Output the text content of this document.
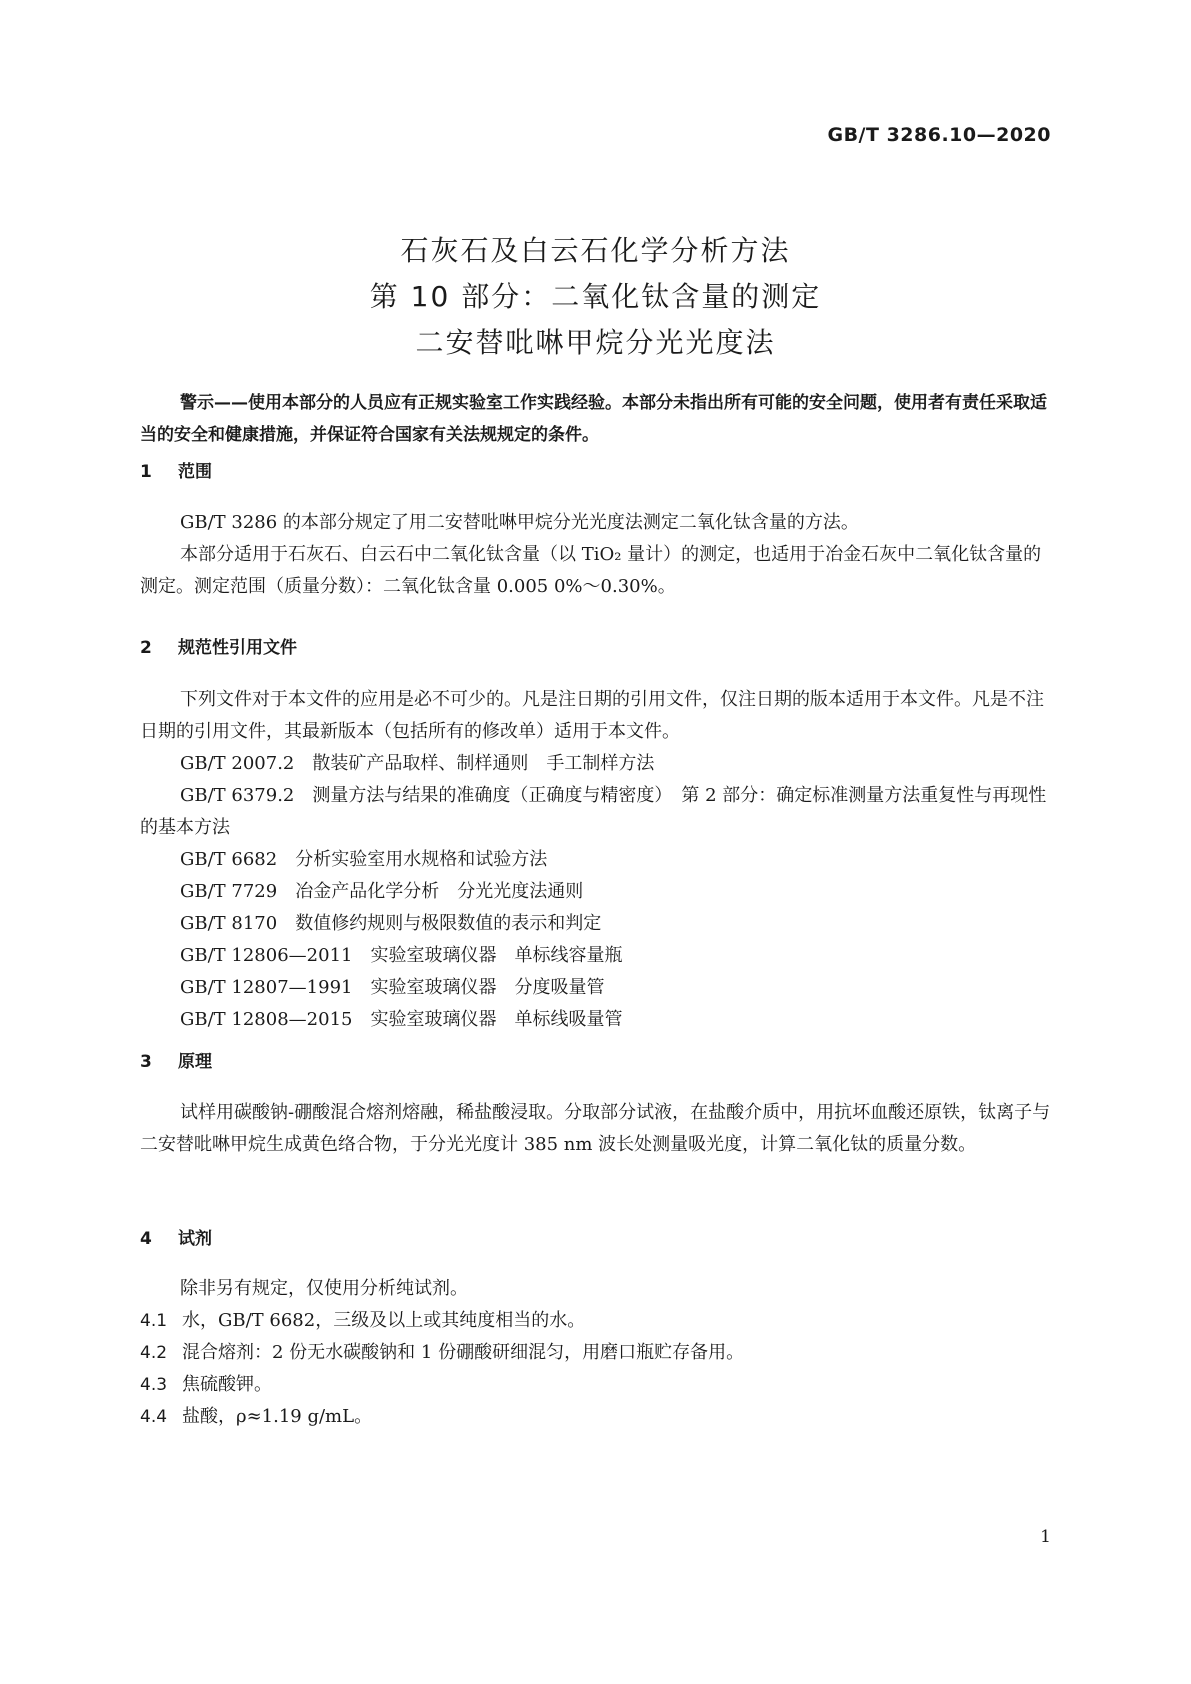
GB/T 3286.10—2020
石灰石及白云石化学分析方法
第 10 部分：二氧化钛含量的测定
二安替吡啉甲烷分光光度法
警示——使用本部分的人员应有正规实验室工作实践经验。本部分未指出所有可能的安全问题，使用者有责任采取适当的安全和健康措施，并保证符合国家有关法规规定的条件。
1 范围
GB/T 3286 的本部分规定了用二安替吡啉甲烷分光光度法测定二氧化钛含量的方法。
本部分适用于石灰石、白云石中二氧化钛含量（以 TiO₂ 量计）的测定，也适用于冶金石灰中二氧化钛含量的测定。测定范围（质量分数）：二氧化钛含量 0.005 0%～0.30%。
2 规范性引用文件
下列文件对于本文件的应用是必不可少的。凡是注日期的引用文件，仅注日期的版本适用于本文件。凡是不注日期的引用文件，其最新版本（包括所有的修改单）适用于本文件。
GB/T 2007.2　散装矿产品取样、制样通则　手工制样方法
GB/T 6379.2　测量方法与结果的准确度（正确度与精密度）　第 2 部分：确定标准测量方法重复性与再现性的基本方法
GB/T 6682　分析实验室用水规格和试验方法
GB/T 7729　冶金产品化学分析　分光光度法通则
GB/T 8170　数值修约规则与极限数值的表示和判定
GB/T 12806—2011　实验室玻璃仪器　单标线容量瓶
GB/T 12807—1991　实验室玻璃仪器　分度吸量管
GB/T 12808—2015　实验室玻璃仪器　单标线吸量管
3 原理
试样用碳酸钠-硼酸混合熔剂熔融，稀盐酸浸取。分取部分试液，在盐酸介质中，用抗坏血酸还原铁，钛离子与二安替吡啉甲烷生成黄色络合物，于分光光度计 385 nm 波长处测量吸光度，计算二氧化钛的质量分数。
4 试剂
除非另有规定，仅使用分析纯试剂。
4.1 水，GB/T 6682，三级及以上或其纯度相当的水。
4.2 混合熔剂：2 份无水碳酸钠和 1 份硼酸研细混匀，用磨口瓶贮存备用。
4.3 焦硫酸钾。
4.4 盐酸，ρ≈1.19 g/mL。
1
